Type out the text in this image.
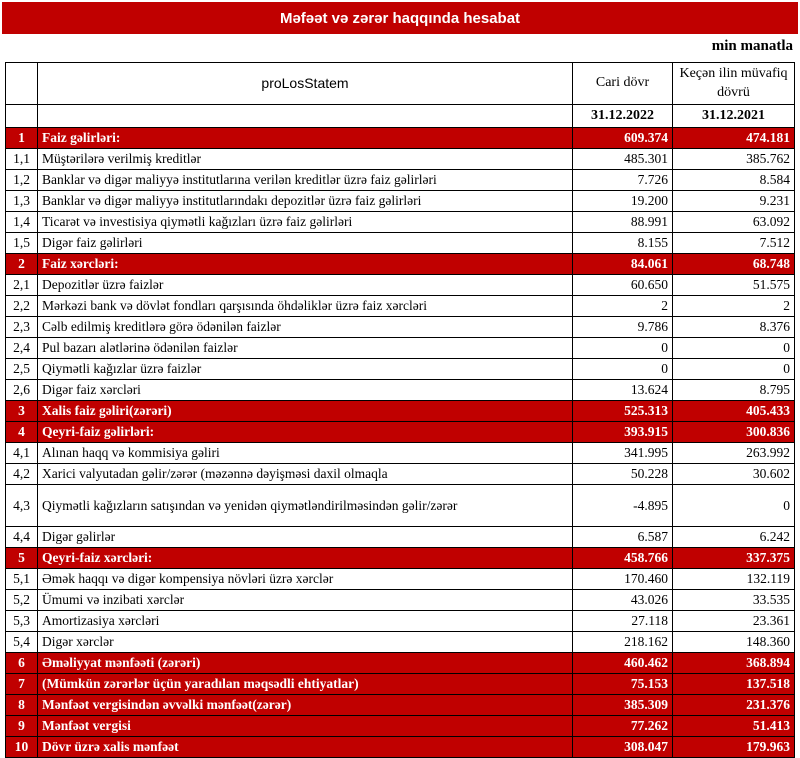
Məfəət və zərər haqqında hesabat
min manatla
	proLosStatem	Cari dövr	Keçən ilin müvafiq dövrü
		31.12.2022	31.12.2021
1	Faiz gəlirləri:	609.374	474.181
1,1	Müştərilərə verilmiş kreditlər	485.301	385.762
1,2	Banklar və digər maliyyə institutlarına verilən kreditlər üzrə faiz gəlirləri	7.726	8.584
1,3	Banklar və digər maliyyə institutlarındakı depozitlər üzrə faiz gəlirləri	19.200	9.231
1,4	Ticarət və investisiya qiymətli kağızları üzrə faiz gəlirləri	88.991	63.092
1,5	Digər faiz gəlirləri	8.155	7.512
2	Faiz xərcləri:	84.061	68.748
2,1	Depozitlər üzrə faizlər	60.650	51.575
2,2	Mərkəzi bank və dövlət fondları qarşısında öhdəliklər üzrə faiz xərcləri	2	2
2,3	Cəlb edilmiş kreditlərə görə ödənilən faizlər	9.786	8.376
2,4	Pul bazarı alətlərinə ödənilən faizlər	0	0
2,5	Qiymətli kağızlar üzrə faizlər	0	0
2,6	Digər faiz xərcləri	13.624	8.795
3	Xalis faiz gəliri(zərəri)	525.313	405.433
4	Qeyri-faiz gəlirləri:	393.915	300.836
4,1	Alınan haqq və kommisiya gəliri	341.995	263.992
4,2	Xarici valyutadan gəlir/zərər (məzənnə dəyişməsi daxil olmaqla	50.228	30.602
4,3	Qiymətli kağızların satışından və yenidən qiymətləndirilməsindən gəlir/zərər	-4.895	0
4,4	Digər gəlirlər	6.587	6.242
5	Qeyri-faiz xərcləri:	458.766	337.375
5,1	Əmək haqqı və digər kompensiya növləri üzrə xərclər	170.460	132.119
5,2	Ümumi və inzibati xərclər	43.026	33.535
5,3	Amortizasiya xərcləri	27.118	23.361
5,4	Digər xərclər	218.162	148.360
6	Əməliyyat mənfəəti (zərəri)	460.462	368.894
7	(Mümkün zərərlər üçün yaradılan məqsədli ehtiyatlar)	75.153	137.518
8	Mənfəət vergisindən əvvəlki mənfəət(zərər)	385.309	231.376
9	Mənfəət vergisi	77.262	51.413
10	Dövr üzrə xalis mənfəət	308.047	179.963
